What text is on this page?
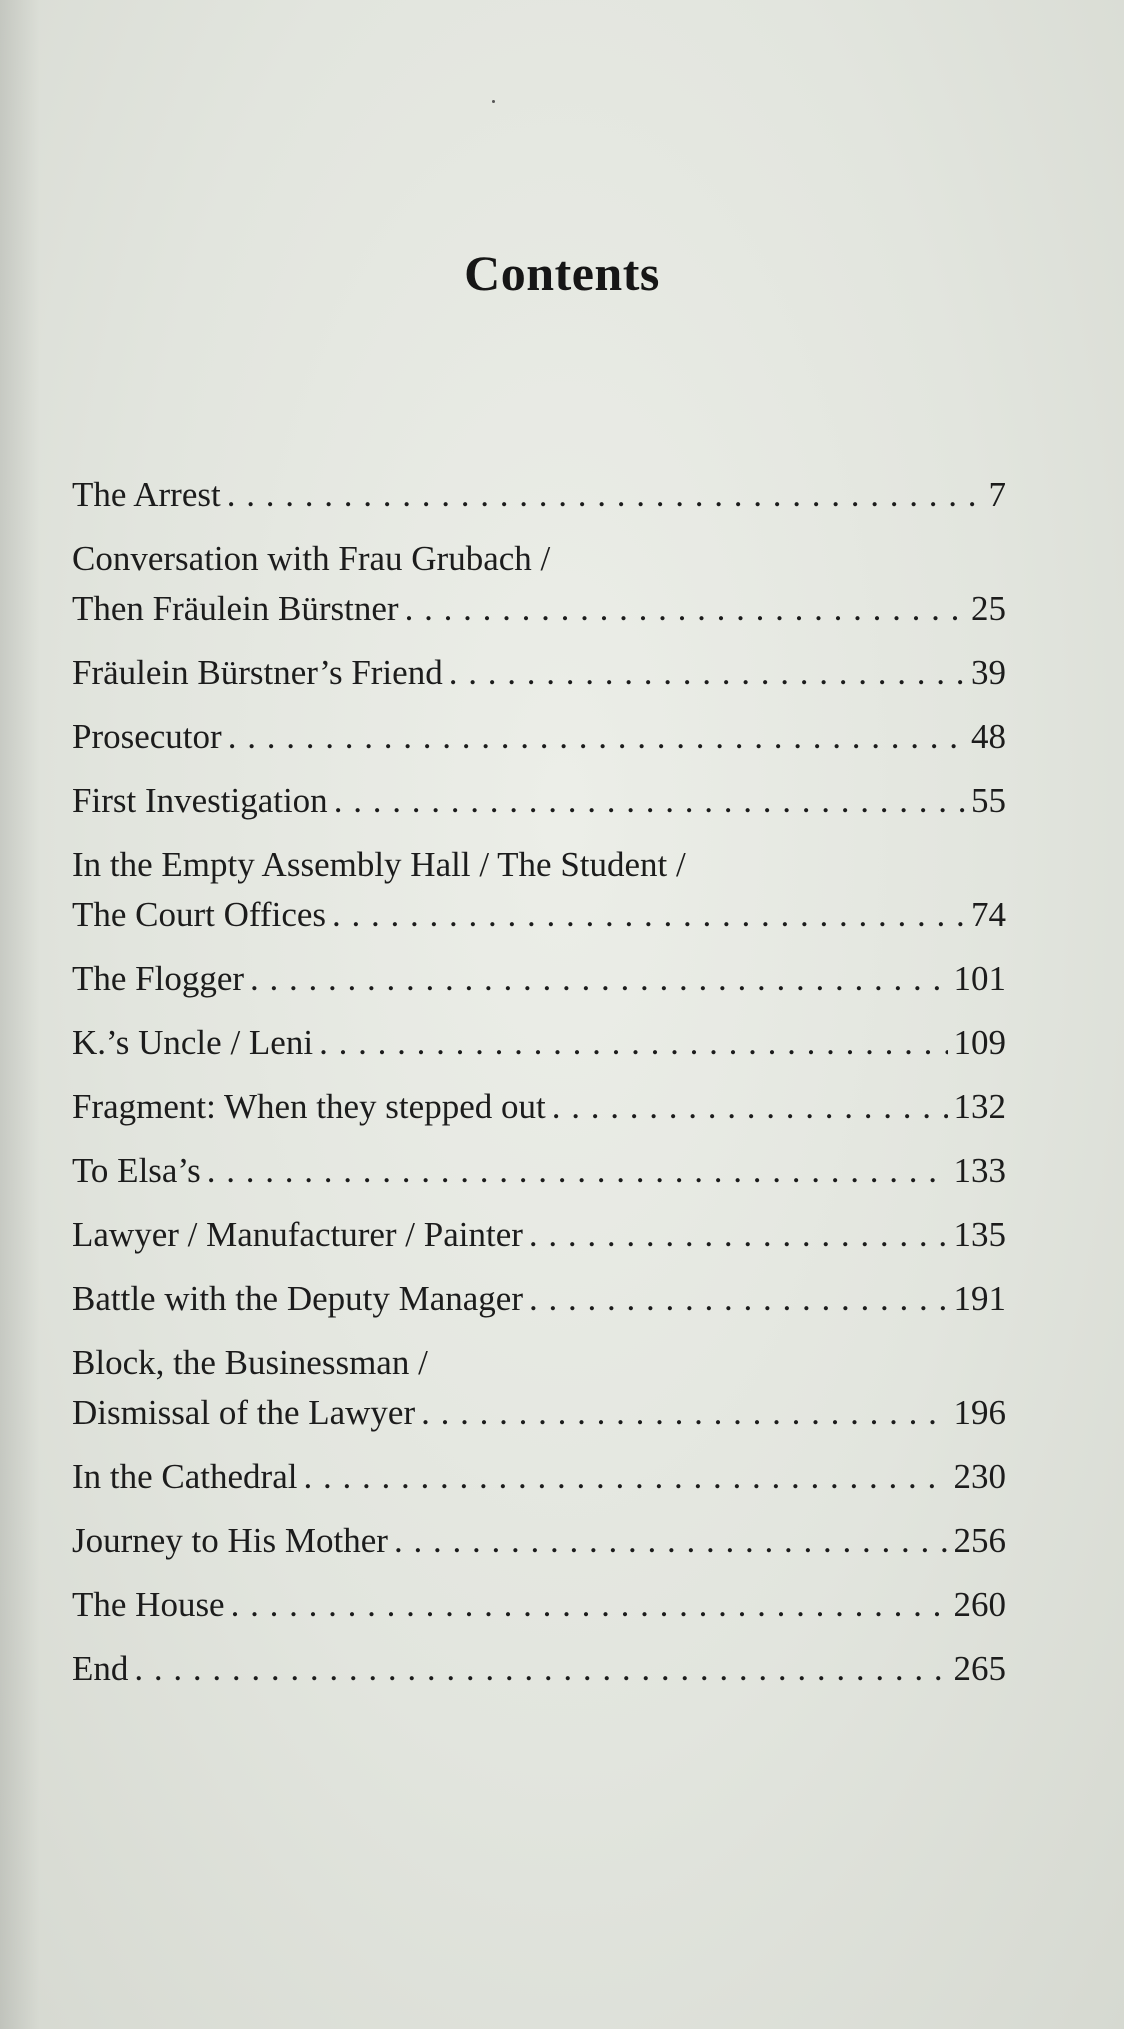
Contents
The Arrest . . .	7
Conversation with Frau Grubach /
Then Fräulein Bürstner . . .	25
Fräulein Bürstner’s Friend . . .	39
Prosecutor . . .	48
First Investigation . . .	55
In the Empty Assembly Hall / The Student /
The Court Offices . . .	74
The Flogger . . .	101
K.’s Uncle / Leni . . .	109
Fragment: When they stepped out . . .	132
To Elsa’s . . .	133
Lawyer / Manufacturer / Painter . . .	135
Battle with the Deputy Manager . . .	191
Block, the Businessman /
Dismissal of the Lawyer . . .	196
In the Cathedral . . .	230
Journey to His Mother . . .	256
The House . . .	260
End . . .	265
